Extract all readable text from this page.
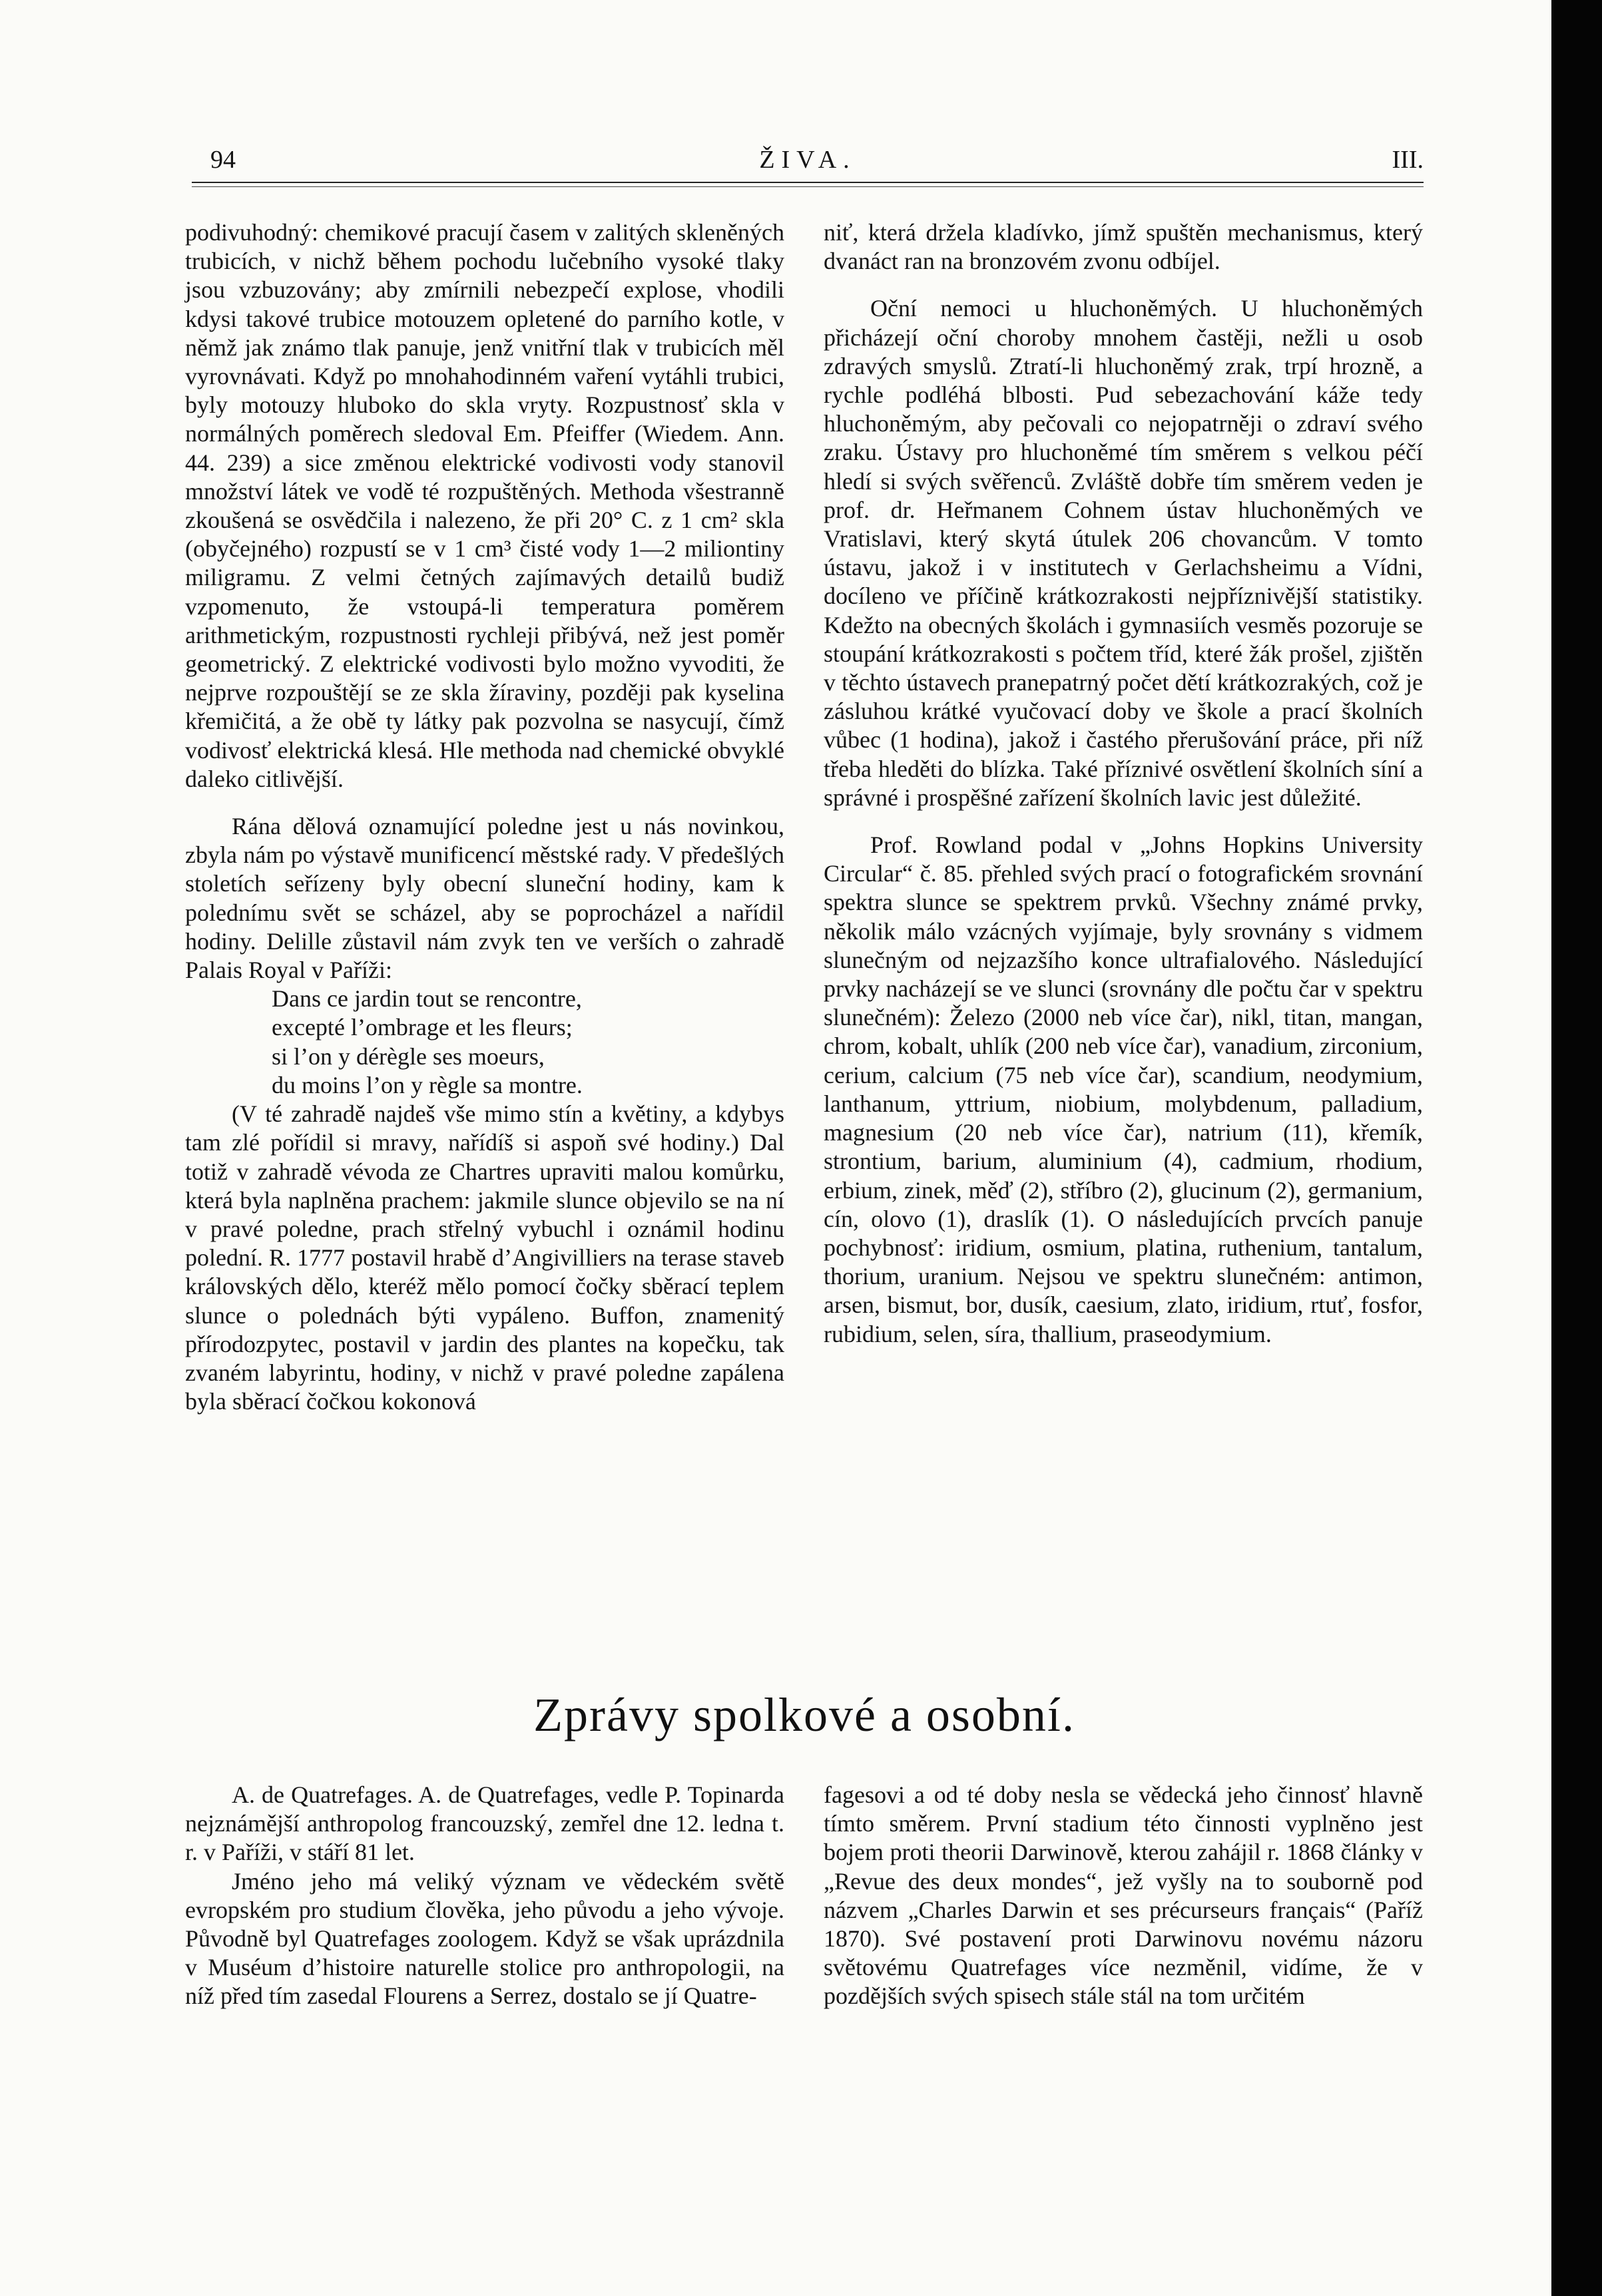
94	ŽIVA.	III.

podivuhodný: chemikové pracují časem v zalitých skleněných trubicích, v nichž během pochodu lučebního vysoké tlaky jsou vzbuzovány; aby zmírnili nebezpečí explose, vhodili kdysi takové trubice motouzem opletené do parního kotle, v němž jak známo tlak panuje, jenž vnitřní tlak v trubicích měl vyrovnávati. Když po mnohahodinném vaření vytáhli trubici, byly motouzy hluboko do skla vryty. Rozpustnosť skla v normálných poměrech sledoval Em. Pfeiffer (Wiedem. Ann. 44. 239) a sice změnou elektrické vodivosti vody stanovil množství látek ve vodě té rozpuštěných. Methoda všestranně zkoušená se osvědčila i nalezeno, že při 20° C. z 1 cm² skla (obyčejného) rozpustí se v 1 cm³ čisté vody 1—2 miliontiny miligramu. Z velmi četných zajímavých detailů budiž vzpomenuto, že vstoupá-li temperatura poměrem arithmetickým, rozpustnosti rychleji přibývá, než jest poměr geometrický. Z elektrické vodivosti bylo možno vyvoditi, že nejprve rozpouštějí se ze skla žíraviny, později pak kyselina křemičitá, a že obě ty látky pak pozvolna se nasycují, čímž vodivosť elektrická klesá. Hle methoda nad chemické obvyklé daleko citlivější.

Rána dělová oznamující poledne jest u nás novinkou, zbyla nám po výstavě munificencí městské rady. V předešlých stoletích seřízeny byly obecní sluneční hodiny, kam k polednímu svět se scházel, aby se poprocházel a nařídil hodiny. Delille zůstavil nám zvyk ten ve verších o zahradě Palais Royal v Paříži:

Dans ce jardin tout se rencontre,
excepté l’ombrage et les fleurs;
si l’on y dérègle ses moeurs,
du moins l’on y règle sa montre.

(V té zahradě najdeš vše mimo stín a květiny, a kdybys tam zlé pořídil si mravy, nařídíš si aspoň své hodiny.) Dal totiž v zahradě vévoda ze Chartres upraviti malou komůrku, která byla naplněna prachem: jakmile slunce objevilo se na ní v pravé poledne, prach střelný vybuchl i oznámil hodinu polední. R. 1777 postavil hrabě d’Angivilliers na terase staveb královských dělo, kteréž mělo pomocí čočky sběrací teplem slunce o polednách býti vypáleno. Buffon, znamenitý přírodozpytec, postavil v jardin des plantes na kopečku, tak zvaném labyrintu, hodiny, v nichž v pravé poledne zapálena byla sběrací čočkou kokonová

niť, která držela kladívko, jímž spuštěn mechanismus, který dvanáct ran na bronzovém zvonu odbíjel.

Oční nemoci u hluchoněmých. U hluchoněmých přicházejí oční choroby mnohem častěji, nežli u osob zdravých smyslů. Ztratí-li hluchoněmý zrak, trpí hrozně, a rychle podléhá blbosti. Pud sebezachování káže tedy hluchoněmým, aby pečovali co nejopatrněji o zdraví svého zraku. Ústavy pro hluchoněmé tím směrem s velkou péčí hledí si svých svěřenců. Zvláště dobře tím směrem veden je prof. dr. Heřmanem Cohnem ústav hluchoněmých ve Vratislavi, který skytá útulek 206 chovancům. V tomto ústavu, jakož i v institutech v Gerlachsheimu a Vídni, docíleno ve příčině krátkozrakosti nejpříznivější statistiky. Kdežto na obecných školách i gymnasiích vesměs pozoruje se stoupání krátkozrakosti s počtem tříd, které žák prošel, zjištěn v těchto ústavech pranepatrný počet dětí krátkozrakých, což je zásluhou krátké vyučovací doby ve škole a prací školních vůbec (1 hodina), jakož i častého přerušování práce, při níž třeba hleděti do blízka. Také příznivé osvětlení školních síní a správné i prospěšné zařízení školních lavic jest důležité.

Prof. Rowland podal v „Johns Hopkins University Circular“ č. 85. přehled svých prací o fotografickém srovnání spektra slunce se spektrem prvků. Všechny známé prvky, několik málo vzácných vyjímaje, byly srovnány s vidmem slunečným od nejzazšího konce ultrafialového. Následující prvky nacházejí se ve slunci (srovnány dle počtu čar v spektru slunečném): Železo (2000 neb více čar), nikl, titan, mangan, chrom, kobalt, uhlík (200 neb více čar), vanadium, zirconium, cerium, calcium (75 neb více čar), scandium, neodymium, lanthanum, yttrium, niobium, molybdenum, palladium, magnesium (20 neb více čar), natrium (11), křemík, strontium, barium, aluminium (4), cadmium, rhodium, erbium, zinek, měď (2), stříbro (2), glucinum (2), germanium, cín, olovo (1), draslík (1). O následujících prvcích panuje pochybnosť: iridium, osmium, platina, ruthenium, tantalum, thorium, uranium. Nejsou ve spektru slunečném: antimon, arsen, bismut, bor, dusík, caesium, zlato, iridium, rtuť, fosfor, rubidium, selen, síra, thallium, praseodymium.

Zprávy spolkové a osobní.

A. de Quatrefages. A. de Quatrefages, vedle P. Topinarda nejznámější anthropolog francouzský, zemřel dne 12. ledna t. r. v Paříži, v stáří 81 let.

Jméno jeho má veliký význam ve vědeckém světě evropském pro studium člověka, jeho původu a jeho vývoje. Původně byl Quatrefages zoologem. Když se však uprázdnila v Muséum d’histoire naturelle stolice pro anthropologii, na níž před tím zasedal Flourens a Serrez, dostalo se jí Quatre-

fagesovi a od té doby nesla se vědecká jeho činnosť hlavně tímto směrem. První stadium této činnosti vyplněno jest bojem proti theorii Darwinově, kterou zahájil r. 1868 články v „Revue des deux mondes“, jež vyšly na to souborně pod názvem „Charles Darwin et ses précurseurs français“ (Paříž 1870). Své postavení proti Darwinovu novému názoru světovému Quatrefages více nezměnil, vidíme, že v pozdějších svých spisech stále stál na tom určitém
